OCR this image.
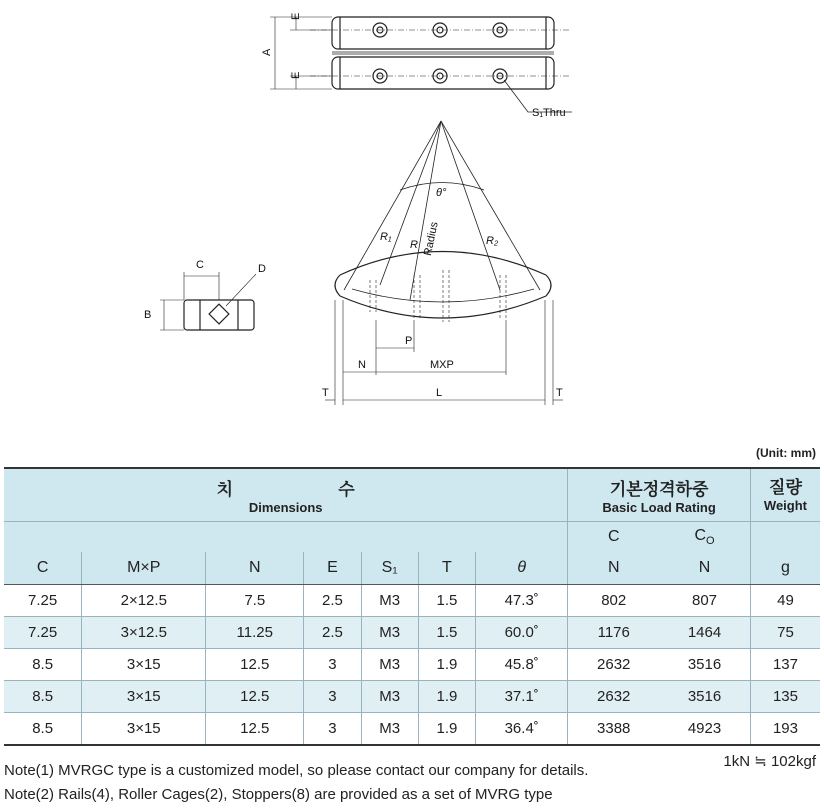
E
A
E
S₁Thru
θ°
R₁
R Radius	R₂
C	D
B
P
N	MXP
T	T
L
(Unit: mm)
치 수
Dimensions							기본정격하중
Basic Load Rating		질량
Weight

							C	$C_O$	
C	M×P	N	E	S₁	T	θ	N	N	g
7.25	2×12.5	7.5	2.5	M3	1.5	47.3˚	802	807	49
7.25	3×12.5	11.25	2.5	M3	1.5	60.0˚	1176	1464	75
8.5	3×15	12.5	3	M3	1.9	45.8˚	2632	3516	137
8.5	3×15	12.5	3	M3	1.9	37.1˚	2632	3516	135
8.5	3×15	12.5	3	M3	1.9	36.4˚	3388	4923	193
1kN ≒ 102kgf
Note(1) MVRGC type is a customized model, so please contact our company for details.
Note(2) Rails(4), Roller Cages(2), Stoppers(8) are provided as a set of MVRG type
